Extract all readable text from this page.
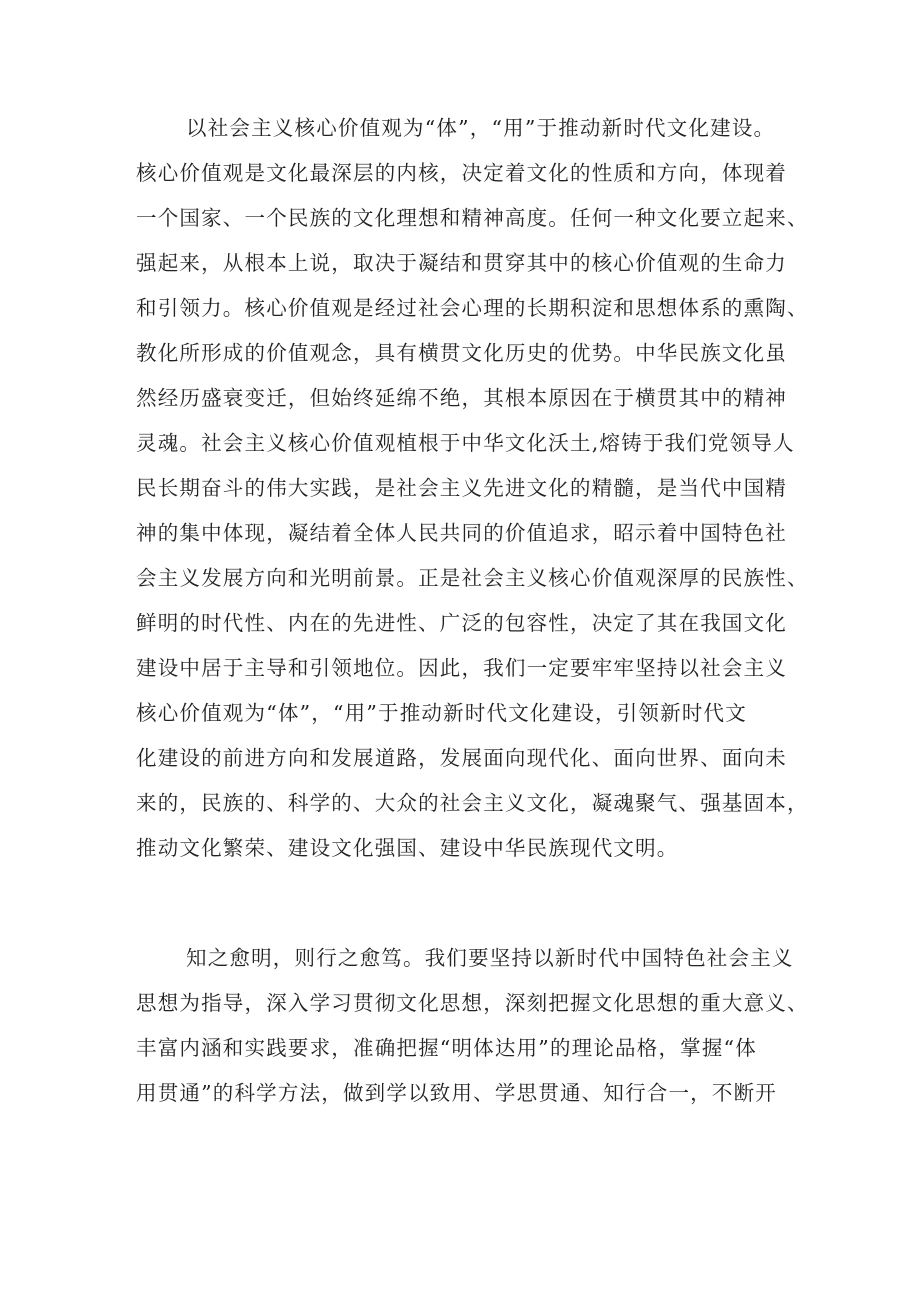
以社会主义核心价值观为“体”，“用”于推动新时代文化建设。

核心价值观是文化最深层的内核，决定着文化的性质和方向，体现着

一个国家、一个民族的文化理想和精神高度。任何一种文化要立起来、

强起来，从根本上说，取决于凝结和贯穿其中的核心价值观的生命力

和引领力。核心价值观是经过社会心理的长期积淀和思想体系的熏陶、

教化所形成的价值观念，具有横贯文化历史的优势。中华民族文化虽

然经历盛衰变迁，但始终延绵不绝，其根本原因在于横贯其中的精神

灵魂。社会主义核心价值观植根于中华文化沃土,熔铸于我们党领导人

民长期奋斗的伟大实践，是社会主义先进文化的精髓，是当代中国精

神的集中体现，凝结着全体人民共同的价值追求，昭示着中国特色社

会主义发展方向和光明前景。正是社会主义核心价值观深厚的民族性、

鲜明的时代性、内在的先进性、广泛的包容性，决定了其在我国文化

建设中居于主导和引领地位。因此，我们一定要牢牢坚持以社会主义

核心价值观为“体”，“用”于推动新时代文化建设，引领新时代文

化建设的前进方向和发展道路，发展面向现代化、面向世界、面向未

来的，民族的、科学的、大众的社会主义文化，凝魂聚气、强基固本，

推动文化繁荣、建设文化强国、建设中华民族现代文明。

知之愈明，则行之愈笃。我们要坚持以新时代中国特色社会主义

思想为指导，深入学习贯彻文化思想，深刻把握文化思想的重大意义、

丰富内涵和实践要求，准确把握“明体达用”的理论品格，掌握“体

用贯通”的科学方法，做到学以致用、学思贯通、知行合一，不断开
